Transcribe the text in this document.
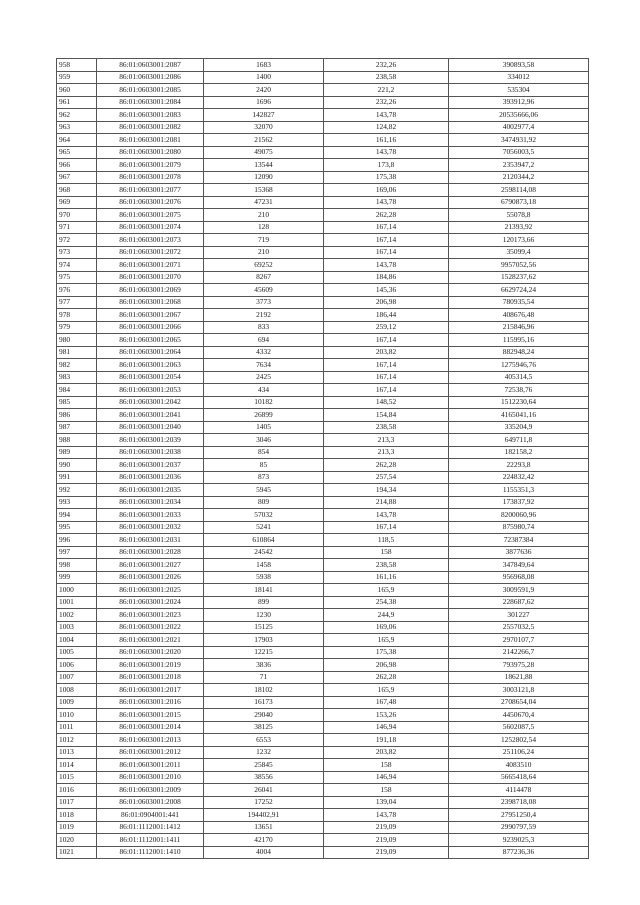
958	86:01:0603001:2087	1683	232,26	390893,58
959	86:01:0603001:2086	1400	238,58	334012
960	86:01:0603001:2085	2420	221,2	535304
961	86:01:0603001:2084	1696	232,26	393912,96
962	86:01:0603001:2083	142827	143,78	20535666,06
963	86:01:0603001:2082	32070	124,82	4002977,4
964	86:01:0603001:2081	21562	161,16	3474931,92
965	86:01:0603001:2080	49075	143,78	7056003,5
966	86:01:0603001:2079	13544	173,8	2353947,2
967	86:01:0603001:2078	12090	175,38	2120344,2
968	86:01:0603001:2077	15368	169,06	2598114,08
969	86:01:0603001:2076	47231	143,78	6790873,18
970	86:01:0603001:2075	210	262,28	55078,8
971	86:01:0603001:2074	128	167,14	21393,92
972	86:01:0603001:2073	719	167,14	120173,66
973	86:01:0603001:2072	210	167,14	35099,4
974	86:01:0603001:2071	69252	143,78	9957052,56
975	86:01:0603001:2070	8267	184,86	1528237,62
976	86:01:0603001:2069	45609	145,36	6629724,24
977	86:01:0603001:2068	3773	206,98	780935,54
978	86:01:0603001:2067	2192	186,44	408676,48
979	86:01:0603001:2066	833	259,12	215846,96
980	86:01:0603001:2065	694	167,14	115995,16
981	86:01:0603001:2064	4332	203,82	882948,24
982	86:01:0603001:2063	7634	167,14	1275946,76
983	86:01:0603001:2054	2425	167,14	405314,5
984	86:01:0603001:2053	434	167,14	72538,76
985	86:01:0603001:2042	10182	148,52	1512230,64
986	86:01:0603001:2041	26899	154,84	4165041,16
987	86:01:0603001:2040	1405	238,58	335204,9
988	86:01:0603001:2039	3046	213,3	649711,8
989	86:01:0603001:2038	854	213,3	182158,2
990	86:01:0603001:2037	85	262,28	22293,8
991	86:01:0603001:2036	873	257,54	224832,42
992	86:01:0603001:2035	5945	194,34	1155351,3
993	86:01:0603001:2034	809	214,88	173837,92
994	86:01:0603001:2033	57032	143,78	8200060,96
995	86:01:0603001:2032	5241	167,14	875980,74
996	86:01:0603001:2031	610864	118,5	72387384
997	86:01:0603001:2028	24542	158	3877636
998	86:01:0603001:2027	1458	238,58	347849,64
999	86:01:0603001:2026	5938	161,16	956968,08
1000	86:01:0603001:2025	18141	165,9	3009591,9
1001	86:01:0603001:2024	899	254,38	228687,62
1002	86:01:0603001:2023	1230	244,9	301227
1003	86:01:0603001:2022	15125	169,06	2557032,5
1004	86:01:0603001:2021	17903	165,9	2970107,7
1005	86:01:0603001:2020	12215	175,38	2142266,7
1006	86:01:0603001:2019	3836	206,98	793975,28
1007	86:01:0603001:2018	71	262,28	18621,88
1008	86:01:0603001:2017	18102	165,9	3003121,8
1009	86:01:0603001:2016	16173	167,48	2708654,04
1010	86:01:0603001:2015	29040	153,26	4450670,4
1011	86:01:0603001:2014	38125	146,94	5602087,5
1012	86:01:0603001:2013	6553	191,18	1252802,54
1013	86:01:0603001:2012	1232	203,82	251106,24
1014	86:01:0603001:2011	25845	158	4083510
1015	86:01:0603001:2010	38556	146,94	5665418,64
1016	86:01:0603001:2009	26041	158	4114478
1017	86:01:0603001:2008	17252	139,04	2398718,08
1018	86:01:0904001:441	194402,91	143,78	27951250,4
1019	86:01:1112001:1412	13651	219,09	2990797,59
1020	86:01:1112001:1411	42170	219,09	9239025,3
1021	86:01:1112001:1410	4004	219,09	877236,36
